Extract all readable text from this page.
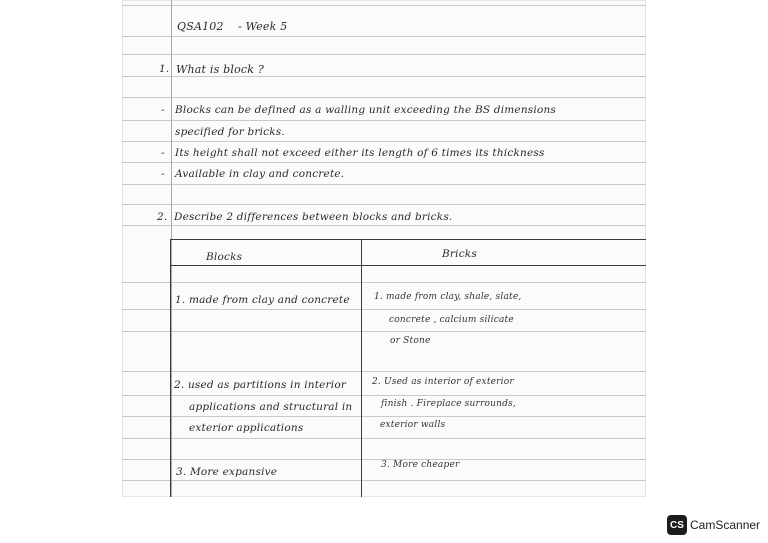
QSA102 - Week 5
1. What is block ?
- Blocks can be defined as a walling unit exceeding the BS dimensions
specified for bricks.
- Its height shall not exceed either its length of 6 times its thickness
- Available in clay and concrete.
2. Describe 2 differences between blocks and bricks.
Blocks	Bricks
1. made from clay and concrete
2. used as partitions in interior
applications and structural in
exterior applications
3. More expansive
1. made from clay, shale, slate,
concrete , calcium silicate
or Stone
2. Used as interior of exterior
finish . Fireplace surrounds,
exterior walls
3. More cheaper
CS CamScanner
